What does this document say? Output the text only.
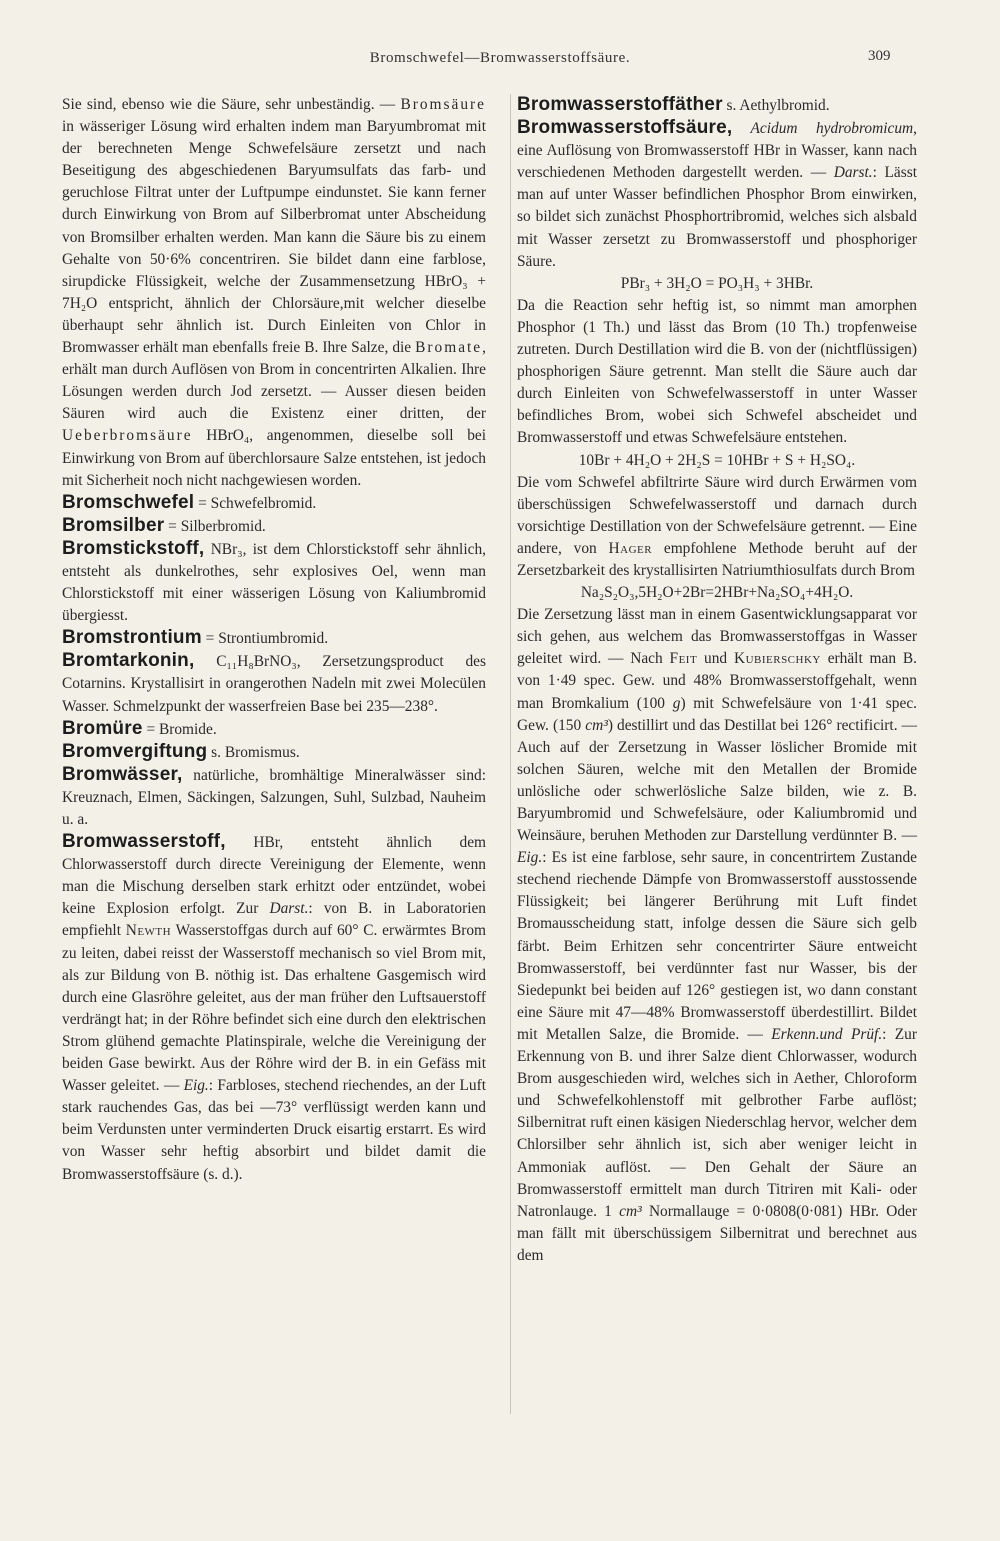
Bromschwefel—Bromwasserstoffsäure.	309

Sie sind, ebenso wie die Säure, sehr unbeständig. — Bromsäure in wässeriger Lösung wird erhalten indem man Baryumbromat mit der berechneten Menge Schwefelsäure zersetzt und nach Beseitigung des abgeschiedenen Baryumsulfats das farb- und geruchlose Filtrat unter der Luftpumpe eindunstet. Sie kann ferner durch Einwirkung von Brom auf Silberbromat unter Abscheidung von Bromsilber erhalten werden. Man kann die Säure bis zu einem Gehalte von 50·6% concentriren. Sie bildet dann eine farblose, sirupdicke Flüssigkeit, welche der Zusammensetzung HBrO₃ + 7H₂O entspricht, ähnlich der Chlorsäure,mit welcher dieselbe überhaupt sehr ähnlich ist. Durch Einleiten von Chlor in Bromwasser erhält man ebenfalls freie B. Ihre Salze, die Bromate, erhält man durch Auflösen von Brom in concentrirten Alkalien. Ihre Lösungen werden durch Jod zersetzt. — Ausser diesen beiden Säuren wird auch die Existenz einer dritten, der Ueberbromsäure HBrO₄, angenommen, dieselbe soll bei Einwirkung von Brom auf überchlorsaure Salze entstehen, ist jedoch mit Sicherheit noch nicht nachgewiesen worden.

Bromschwefel = Schwefelbromid.

Bromsilber = Silberbromid.

Bromstickstoff, NBr₃, ist dem Chlorstickstoff sehr ähnlich, entsteht als dunkelrothes, sehr explosives Oel, wenn man Chlorstickstoff mit einer wässerigen Lösung von Kaliumbromid übergiesst.

Bromstrontium = Strontiumbromid.

Bromtarkonin, C₁₁H₈BrNO₃, Zersetzungsproduct des Cotarnins. Krystallisirt in orangerothen Nadeln mit zwei Molecülen Wasser. Schmelzpunkt der wasserfreien Base bei 235—238°.

Bromüre = Bromide.

Bromvergiftung s. Bromismus.

Bromwässer, natürliche, bromhältige Mineralwässer sind: Kreuznach, Elmen, Säckingen, Salzungen, Suhl, Sulzbad, Nauheim u. a.

Bromwasserstoff, HBr, entsteht ähnlich dem Chlorwasserstoff durch directe Vereinigung der Elemente, wenn man die Mischung derselben stark erhitzt oder entzündet, wobei keine Explosion erfolgt. Zur Darst.: von B. in Laboratorien empfiehlt Newth Wasserstoffgas durch auf 60° C. erwärmtes Brom zu leiten, dabei reisst der Wasserstoff mechanisch so viel Brom mit, als zur Bildung von B. nöthig ist. Das erhaltene Gasgemisch wird durch eine Glasröhre geleitet, aus der man früher den Luftsauerstoff verdrängt hat; in der Röhre befindet sich eine durch den elektrischen Strom glühend gemachte Platinspirale, welche die Vereinigung der beiden Gase bewirkt. Aus der Röhre wird der B. in ein Gefäss mit Wasser geleitet. — Eig.: Farbloses, stechend riechendes, an der Luft stark rauchendes Gas, das bei —73° verflüssigt werden kann und beim Verdunsten unter verminderten Druck eisartig erstarrt. Es wird von Wasser sehr heftig absorbirt und bildet damit die Bromwasserstoffsäure (s. d.).

Bromwasserstoffäther s. Aethylbromid.

Bromwasserstoffsäure, Acidum hydrobromicum, eine Auflösung von Bromwasserstoff HBr in Wasser, kann nach verschiedenen Methoden dargestellt werden. — Darst.: Lässt man auf unter Wasser befindlichen Phosphor Brom einwirken, so bildet sich zunächst Phosphortribromid, welches sich alsbald mit Wasser zersetzt zu Bromwasserstoff und phosphoriger Säure.

PBr₃ + 3H₂O = PO₃H₃ + 3HBr.

Da die Reaction sehr heftig ist, so nimmt man amorphen Phosphor (1 Th.) und lässt das Brom (10 Th.) tropfenweise zutreten. Durch Destillation wird die B. von der (nichtflüssigen) phosphorigen Säure getrennt. Man stellt die Säure auch dar durch Einleiten von Schwefelwasserstoff in unter Wasser befindliches Brom, wobei sich Schwefel abscheidet und Bromwasserstoff und etwas Schwefelsäure entstehen.

10Br + 4H₂O + 2H₂S = 10HBr + S + H₂SO₄.

Die vom Schwefel abfiltrirte Säure wird durch Erwärmen vom überschüssigen Schwefelwasserstoff und darnach durch vorsichtige Destillation von der Schwefelsäure getrennt. — Eine andere, von Hager empfohlene Methode beruht auf der Zersetzbarkeit des krystallisirten Natriumthiosulfats durch Brom

Na₂S₂O₃,5H₂O+2Br=2HBr+Na₂SO₄+4H₂O.

Die Zersetzung lässt man in einem Gasentwicklungsapparat vor sich gehen, aus welchem das Bromwasserstoffgas in Wasser geleitet wird. — Nach Feit und Kubierschky erhält man B. von 1·49 spec. Gew. und 48% Bromwasserstoffgehalt, wenn man Bromkalium (100 g) mit Schwefelsäure von 1·41 spec. Gew. (150 cm³) destillirt und das Destillat bei 126° rectificirt. — Auch auf der Zersetzung in Wasser löslicher Bromide mit solchen Säuren, welche mit den Metallen der Bromide unlösliche oder schwerlösliche Salze bilden, wie z. B. Baryumbromid und Schwefelsäure, oder Kaliumbromid und Weinsäure, beruhen Methoden zur Darstellung verdünnter B. — Eig.: Es ist eine farblose, sehr saure, in concentrirtem Zustande stechend riechende Dämpfe von Bromwasserstoff ausstossende Flüssigkeit; bei längerer Berührung mit Luft findet Bromausscheidung statt, infolge dessen die Säure sich gelb färbt. Beim Erhitzen sehr concentrirter Säure entweicht Bromwasserstoff, bei verdünnter fast nur Wasser, bis der Siedepunkt bei beiden auf 126° gestiegen ist, wo dann constant eine Säure mit 47—48% Bromwasserstoff überdestillirt. Bildet mit Metallen Salze, die Bromide. — Erkenn.und Prüf.: Zur Erkennung von B. und ihrer Salze dient Chlorwasser, wodurch Brom ausgeschieden wird, welches sich in Aether, Chloroform und Schwefelkohlenstoff mit gelbrother Farbe auflöst; Silbernitrat ruft einen käsigen Niederschlag hervor, welcher dem Chlorsilber sehr ähnlich ist, sich aber weniger leicht in Ammoniak auflöst. — Den Gehalt der Säure an Bromwasserstoff ermittelt man durch Titriren mit Kali- oder Natronlauge. 1 cm³ Normallauge = 0·0808(0·081) HBr. Oder man fällt mit überschüssigem Silbernitrat und berechnet aus dem
